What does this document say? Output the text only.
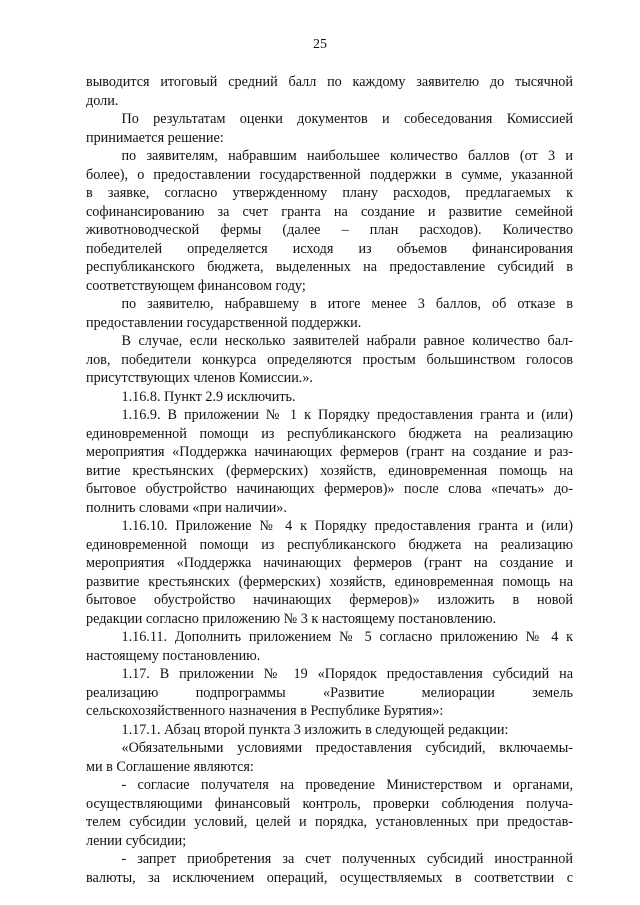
25

выводится итоговый средний балл по каждому заявителю до тысячной
доли.

   По результатам оценки документов и собеседования Комиссией
принимается решение:

   по заявителям, набравшим наибольшее количество баллов (от 3 и
более), о предоставлении государственной поддержки в сумме, указанной
в заявке, согласно утвержденному плану расходов, предлагаемых к
софинансированию за счет гранта на создание и развитие семейной
животноводческой фермы (далее – план расходов). Количество
победителей определяется исходя из объемов финансирования
республиканского бюджета, выделенных на предоставление субсидий в
соответствующем финансовом году;

   по заявителю, набравшему в итоге менее 3 баллов, об отказе в
предоставлении государственной поддержки.

   В случае, если несколько заявителей набрали равное количество бал-
лов, победители конкурса определяются простым большинством голосов
присутствующих членов Комиссии.».

   1.16.8. Пункт 2.9 исключить.

   1.16.9. В приложении № 1 к Порядку предоставления гранта и (или)
единовременной помощи из республиканского бюджета на реализацию
мероприятия «Поддержка начинающих фермеров (грант на создание и раз-
витие крестьянских (фермерских) хозяйств, единовременная помощь на
бытовое обустройство начинающих фермеров)» после слова «печать» до-
полнить словами «при наличии».

   1.16.10. Приложение № 4 к Порядку предоставления гранта и (или)
единовременной помощи из республиканского бюджета на реализацию
мероприятия «Поддержка начинающих фермеров (грант на создание и
развитие крестьянских (фермерских) хозяйств, единовременная помощь на
бытовое обустройство начинающих фермеров)» изложить в новой
редакции согласно приложению № 3 к настоящему постановлению.

   1.16.11. Дополнить приложением № 5 согласно приложению № 4 к
настоящему постановлению.

   1.17. В приложении № 19 «Порядок предоставления субсидий на
реализацию подпрограммы «Развитие мелиорации земель
сельскохозяйственного назначения в Республике Бурятия»:

   1.17.1. Абзац второй пункта 3 изложить в следующей редакции:

   «Обязательными условиями предоставления субсидий, включаемы-
ми в Соглашение являются:

   - согласие получателя на проведение Министерством и органами,
осуществляющими финансовый контроль, проверки соблюдения получа-
телем субсидии условий, целей и порядка, установленных при предостав-
лении субсидии;

   - запрет приобретения за счет полученных субсидий иностранной
валюты, за исключением операций, осуществляемых в соответствии с
